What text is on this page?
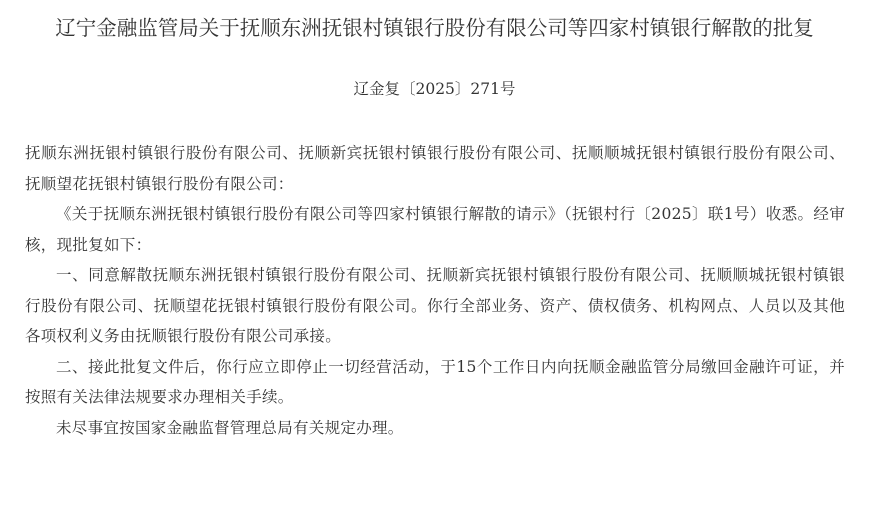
辽宁金融监管局关于抚顺东洲抚银村镇银行股份有限公司等四家村镇银行解散的批复
辽金复〔2025〕271号

抚顺东洲抚银村镇银行股份有限公司、抚顺新宾抚银村镇银行股份有限公司、抚顺顺城抚银村镇银行股份有限公司、抚顺望花抚银村镇银行股份有限公司：

《关于抚顺东洲抚银村镇银行股份有限公司等四家村镇银行解散的请示》（抚银村行〔2025〕联1号）收悉。经审核，现批复如下：

一、同意解散抚顺东洲抚银村镇银行股份有限公司、抚顺新宾抚银村镇银行股份有限公司、抚顺顺城抚银村镇银行股份有限公司、抚顺望花抚银村镇银行股份有限公司。你行全部业务、资产、债权债务、机构网点、人员以及其他各项权利义务由抚顺银行股份有限公司承接。

二、接此批复文件后，你行应立即停止一切经营活动，于15个工作日内向抚顺金融监管分局缴回金融许可证，并按照有关法律法规要求办理相关手续。

未尽事宜按国家金融监督管理总局有关规定办理。
